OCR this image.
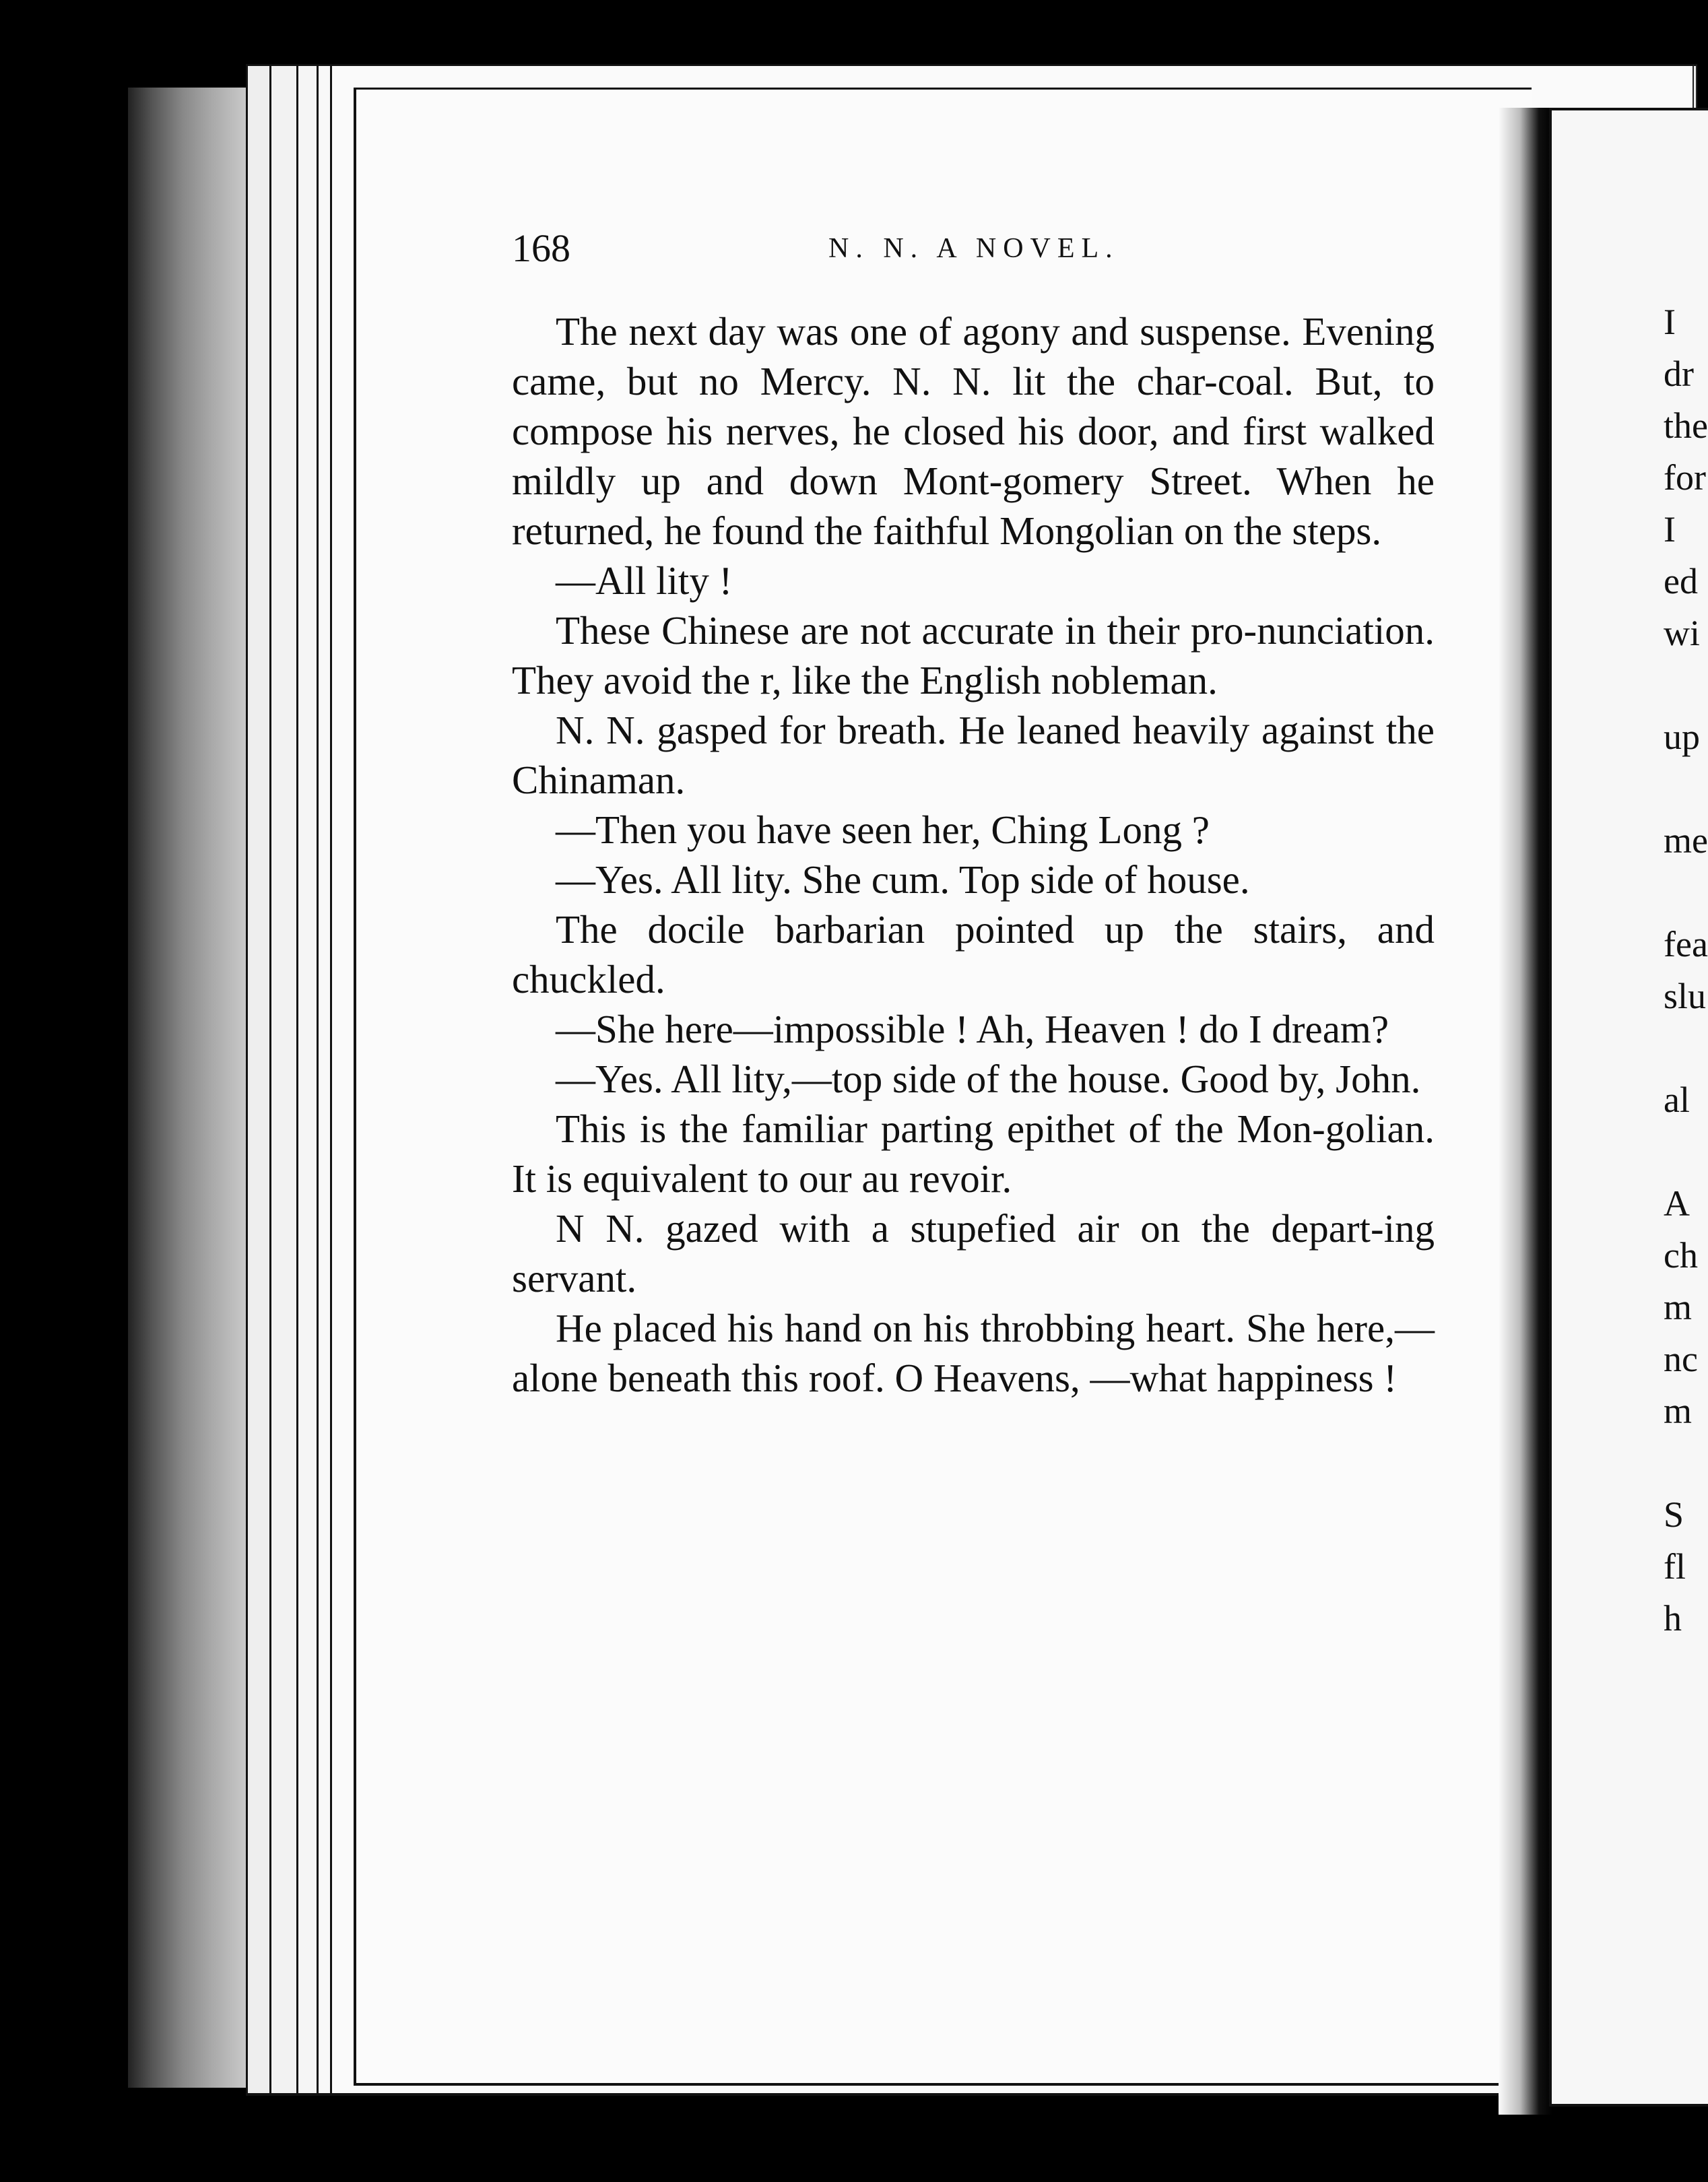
168	N. N. A NOVEL.

The next day was one of agony and suspense. Evening came, but no Mercy. N. N. lit the char-coal. But, to compose his nerves, he closed his door, and first walked mildly up and down Mont-gomery Street. When he returned, he found the faithful Mongolian on the steps.

—All lity !

These Chinese are not accurate in their pro-nunciation. They avoid the r, like the English nobleman.

N. N. gasped for breath. He leaned heavily against the Chinaman.

—Then you have seen her, Ching Long ?

—Yes. All lity. She cum. Top side of house.

The docile barbarian pointed up the stairs, and chuckled.

—She here—impossible ! Ah, Heaven ! do I dream?

—Yes. All lity,—top side of the house. Good by, John.

This is the familiar parting epithet of the Mon-golian. It is equivalent to our au revoir.

N N. gazed with a stupefied air on the depart-ing servant.

He placed his hand on his throbbing heart. She here,—alone beneath this roof. O Heavens, —what happiness !

I
dr
the
for
I
ed
wi
up
me
fea
slu
al
A
ch
m
nc
m
S
fl
h
